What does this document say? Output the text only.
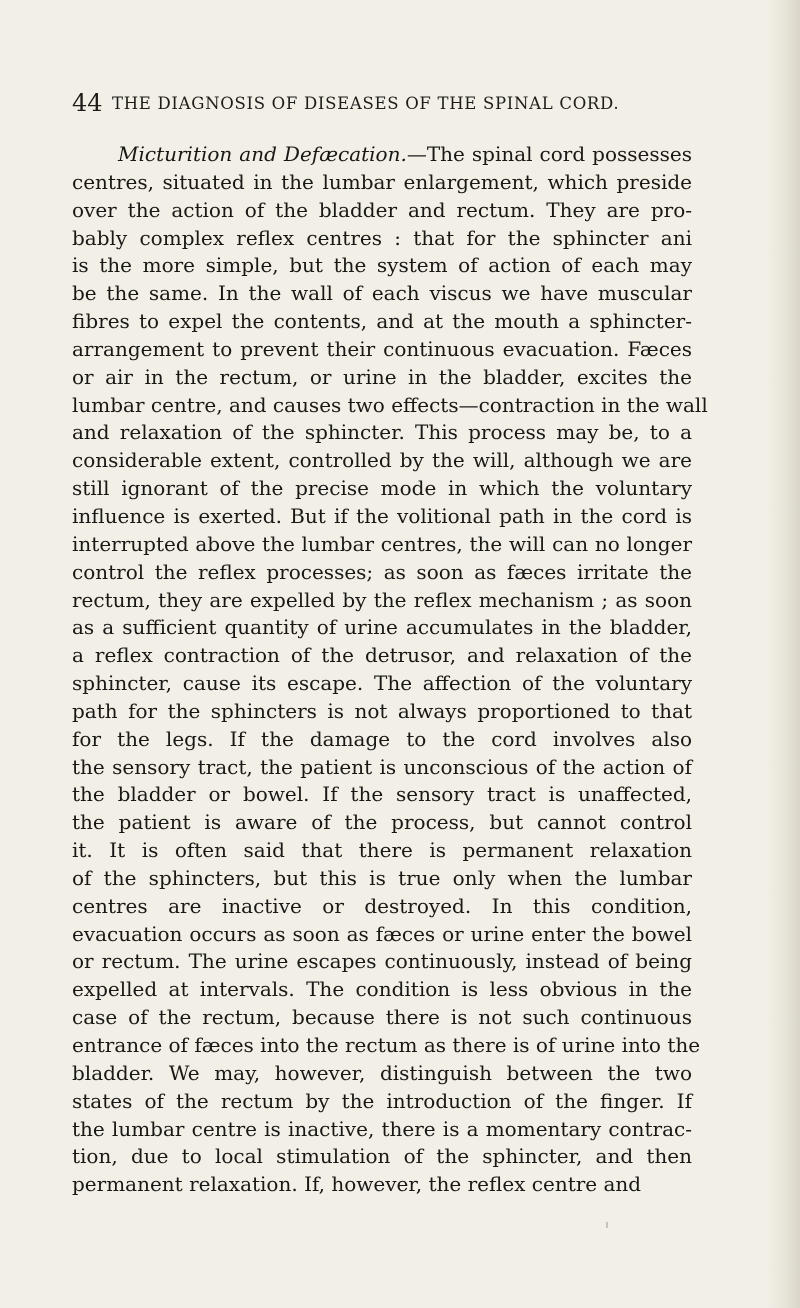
44 THE DIAGNOSIS OF DISEASES OF THE SPINAL CORD.
Micturition and Defæcation.—The spinal cord possesses
centres, situated in the lumbar enlargement, which preside
over the action of the bladder and rectum. They are pro-
bably complex reflex centres : that for the sphincter ani
is the more simple, but the system of action of each may
be the same. In the wall of each viscus we have muscular
fibres to expel the contents, and at the mouth a sphincter-
arrangement to prevent their continuous evacuation. Fæces
or air in the rectum, or urine in the bladder, excites the
lumbar centre, and causes two effects—contraction in the wall
and relaxation of the sphincter. This process may be, to a
considerable extent, controlled by the will, although we are
still ignorant of the precise mode in which the voluntary
influence is exerted. But if the volitional path in the cord is
interrupted above the lumbar centres, the will can no longer
control the reflex processes; as soon as fæces irritate the
rectum, they are expelled by the reflex mechanism ; as soon
as a sufficient quantity of urine accumulates in the bladder,
a reflex contraction of the detrusor, and relaxation of the
sphincter, cause its escape. The affection of the voluntary
path for the sphincters is not always proportioned to that
for the legs. If the damage to the cord involves also
the sensory tract, the patient is unconscious of the action of
the bladder or bowel. If the sensory tract is unaffected,
the patient is aware of the process, but cannot control
it. It is often said that there is permanent relaxation
of the sphincters, but this is true only when the lumbar
centres are inactive or destroyed. In this condition,
evacuation occurs as soon as fæces or urine enter the bowel
or rectum. The urine escapes continuously, instead of being
expelled at intervals. The condition is less obvious in the
case of the rectum, because there is not such continuous
entrance of fæces into the rectum as there is of urine into the
bladder. We may, however, distinguish between the two
states of the rectum by the introduction of the finger. If
the lumbar centre is inactive, there is a momentary contrac-
tion, due to local stimulation of the sphincter, and then
permanent relaxation. If, however, the reflex centre and
